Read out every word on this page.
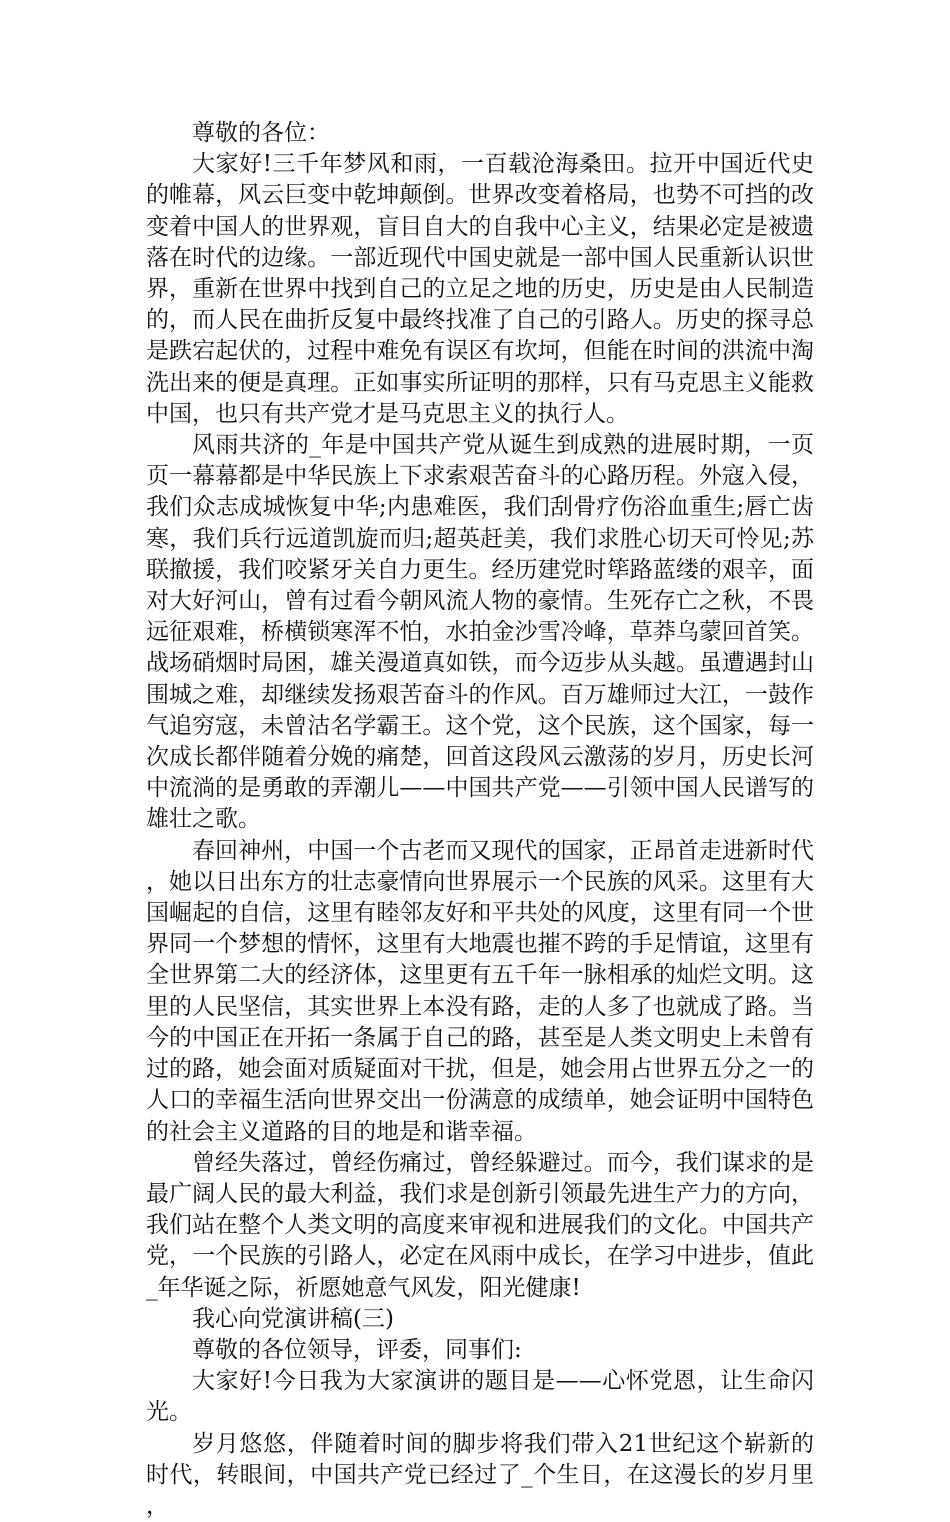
尊敬的各位：

大家好!三千年梦风和雨，一百载沧海桑田。拉开中国近代史的帷幕，风云巨变中乾坤颠倒。世界改变着格局，也势不可挡的改变着中国人的世界观，盲目自大的自我中心主义，结果必定是被遗落在时代的边缘。一部近现代中国史就是一部中国人民重新认识世界，重新在世界中找到自己的立足之地的历史，历史是由人民制造的，而人民在曲折反复中最终找准了自己的引路人。历史的探寻总是跌宕起伏的，过程中难免有误区有坎坷，但能在时间的洪流中淘洗出来的便是真理。正如事实所证明的那样，只有马克思主义能救中国，也只有共产党才是马克思主义的执行人。

风雨共济的_年是中国共产党从诞生到成熟的进展时期，一页页一幕幕都是中华民族上下求索艰苦奋斗的心路历程。外寇入侵，我们众志成城恢复中华;内患难医，我们刮骨疗伤浴血重生;唇亡齿寒，我们兵行远道凯旋而归;超英赶美，我们求胜心切天可怜见;苏联撤援，我们咬紧牙关自力更生。经历建党时筚路蓝缕的艰辛，面对大好河山，曾有过看今朝风流人物的豪情。生死存亡之秋，不畏远征艰难，桥横锁寒浑不怕，水拍金沙雪冷峰，草莽乌蒙回首笑。战场硝烟时局困，雄关漫道真如铁，而今迈步从头越。虽遭遇封山围城之难，却继续发扬艰苦奋斗的作风。百万雄师过大江，一鼓作气追穷寇，未曾沽名学霸王。这个党，这个民族，这个国家，每一次成长都伴随着分娩的痛楚，回首这段风云激荡的岁月，历史长河中流淌的是勇敢的弄潮儿——中国共产党——引领中国人民谱写的雄壮之歌。

春回神州，中国一个古老而又现代的国家，正昂首走进新时代，她以日出东方的壮志豪情向世界展示一个民族的风采。这里有大国崛起的自信，这里有睦邻友好和平共处的风度，这里有同一个世界同一个梦想的情怀，这里有大地震也摧不跨的手足情谊，这里有全世界第二大的经济体，这里更有五千年一脉相承的灿烂文明。这里的人民坚信，其实世界上本没有路，走的人多了也就成了路。当今的中国正在开拓一条属于自己的路，甚至是人类文明史上未曾有过的路，她会面对质疑面对干扰，但是，她会用占世界五分之一的人口的幸福生活向世界交出一份满意的成绩单，她会证明中国特色的社会主义道路的目的地是和谐幸福。

曾经失落过，曾经伤痛过，曾经躲避过。而今，我们谋求的是最广阔人民的最大利益，我们求是创新引领最先进生产力的方向，我们站在整个人类文明的高度来审视和进展我们的文化。中国共产党，一个民族的引路人，必定在风雨中成长，在学习中进步，值此_年华诞之际，祈愿她意气风发，阳光健康!

我心向党演讲稿(三)

尊敬的各位领导，评委，同事们:

大家好!今日我为大家演讲的题目是——心怀党恩，让生命闪光。

岁月悠悠，伴随着时间的脚步将我们带入21世纪这个崭新的时代，转眼间，中国共产党已经过了_个生日，在这漫长的岁月里，
